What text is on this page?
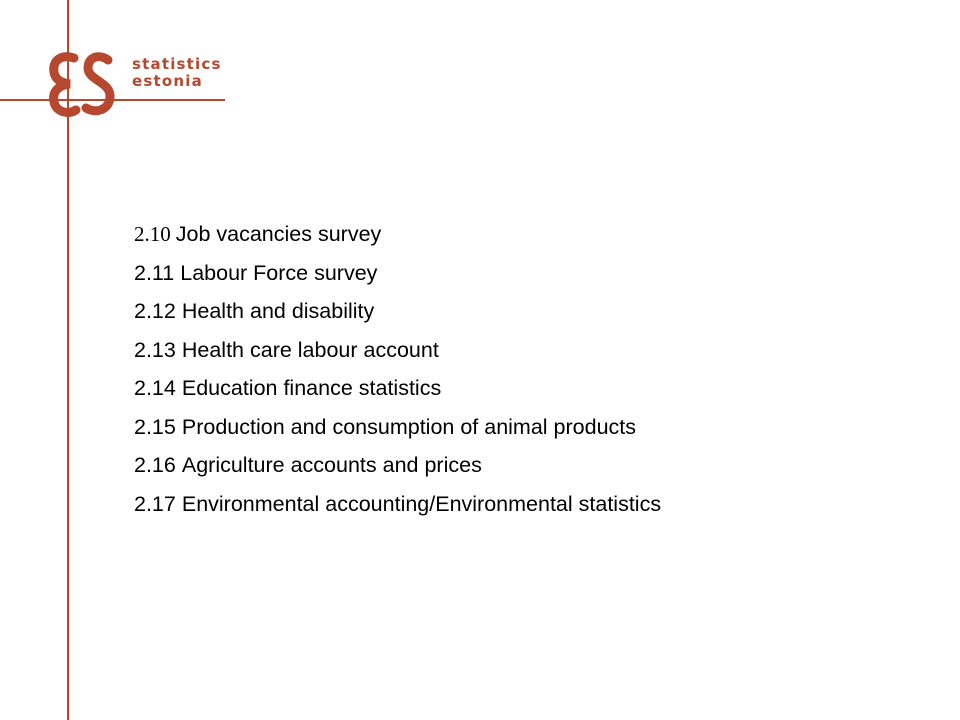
statistics
estonia
2.10 Job vacancies survey
2.11 Labour Force survey
2.12 Health and disability
2.13 Health care labour account
2.14 Education finance statistics
2.15 Production and consumption of animal products
2.16 Agriculture accounts and prices
2.17 Environmental accounting/Environmental statistics
